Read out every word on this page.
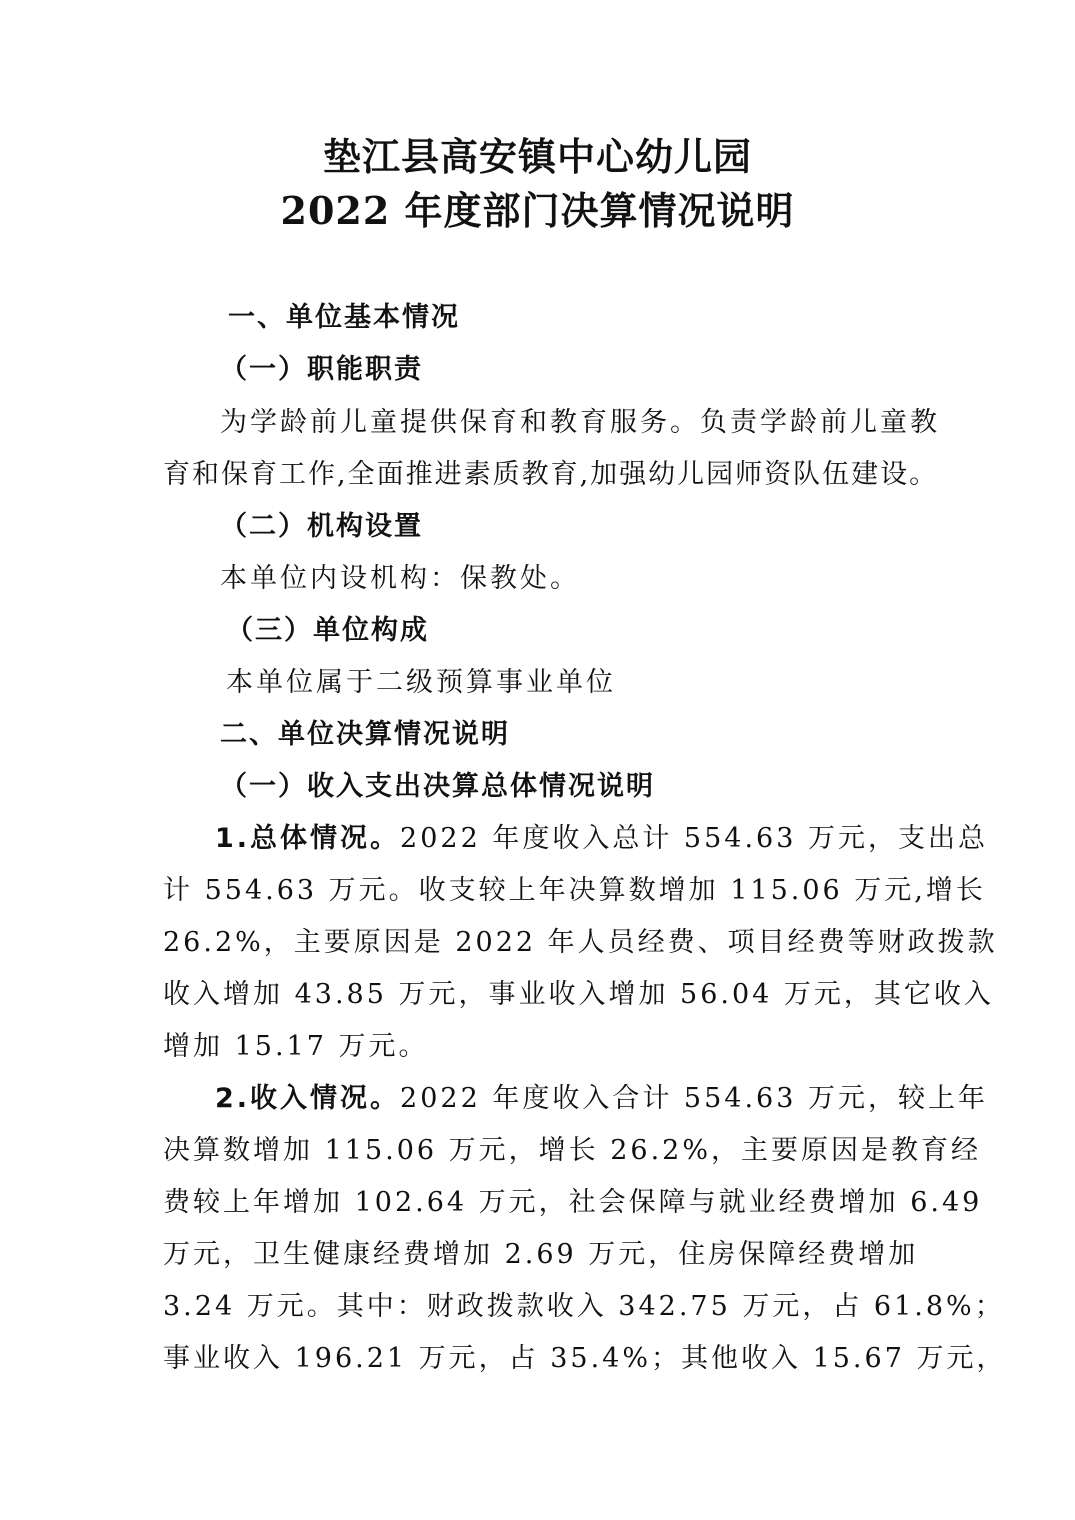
垫江县高安镇中心幼儿园
2022 年度部门决算情况说明
一、单位基本情况
（一）职能职责
为学龄前儿童提供保育和教育服务。负责学龄前儿童教
育和保育工作,全面推进素质教育,加强幼儿园师资队伍建设。
（二）机构设置
本单位内设机构：保教处。
（三）单位构成
本单位属于二级预算事业单位
二、单位决算情况说明
（一）收入支出决算总体情况说明
1.总体情况。2022 年度收入总计 554.63 万元，支出总
计 554.63 万元。收支较上年决算数增加 115.06 万元,增长
26.2%，主要原因是 2022 年人员经费、项目经费等财政拨款
收入增加 43.85 万元，事业收入增加 56.04 万元，其它收入
增加 15.17 万元。
2.收入情况。2022 年度收入合计 554.63 万元，较上年
决算数增加 115.06 万元，增长 26.2%，主要原因是教育经
费较上年增加 102.64 万元，社会保障与就业经费增加 6.49
万元，卫生健康经费增加 2.69 万元，住房保障经费增加
3.24 万元。其中：财政拨款收入 342.75 万元，占 61.8%；
事业收入 196.21 万元，占 35.4%；其他收入 15.67 万元，
